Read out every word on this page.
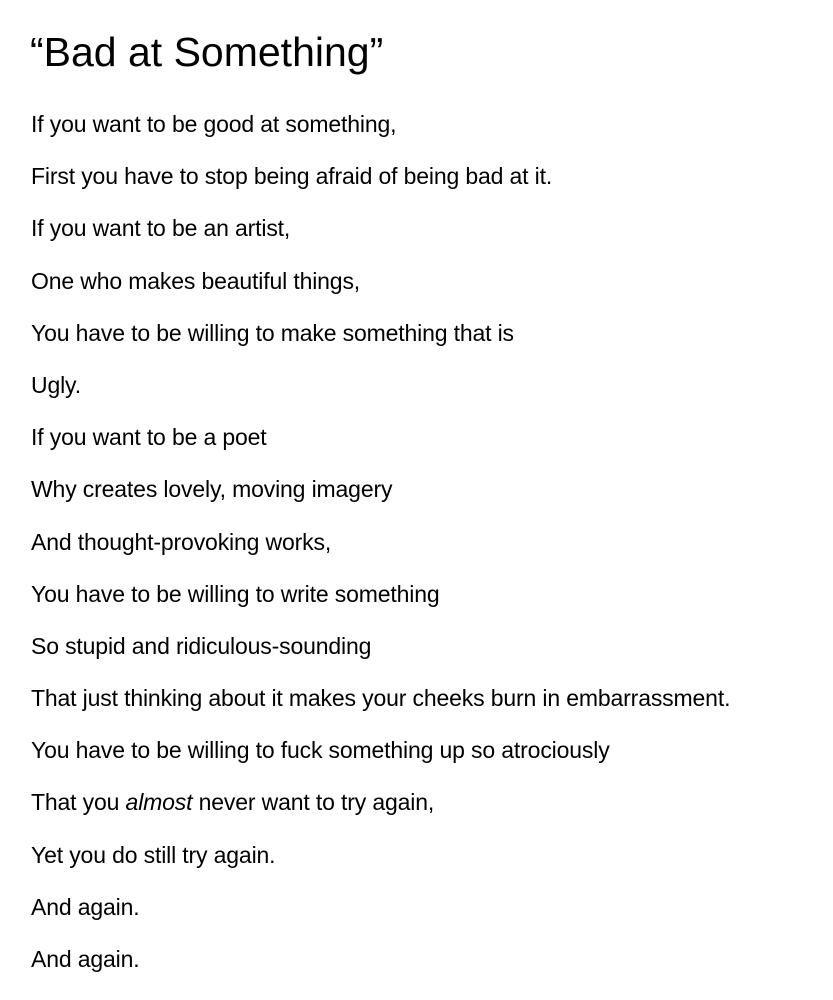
“Bad at Something”
If you want to be good at something,
First you have to stop being afraid of being bad at it.
If you want to be an artist,
One who makes beautiful things,
You have to be willing to make something that is
Ugly.
If you want to be a poet
Why creates lovely, moving imagery
And thought-provoking works,
You have to be willing to write something
So stupid and ridiculous-sounding
That just thinking about it makes your cheeks burn in embarrassment.
You have to be willing to fuck something up so atrociously
That you almost never want to try again,
Yet you do still try again.
And again.
And again.
